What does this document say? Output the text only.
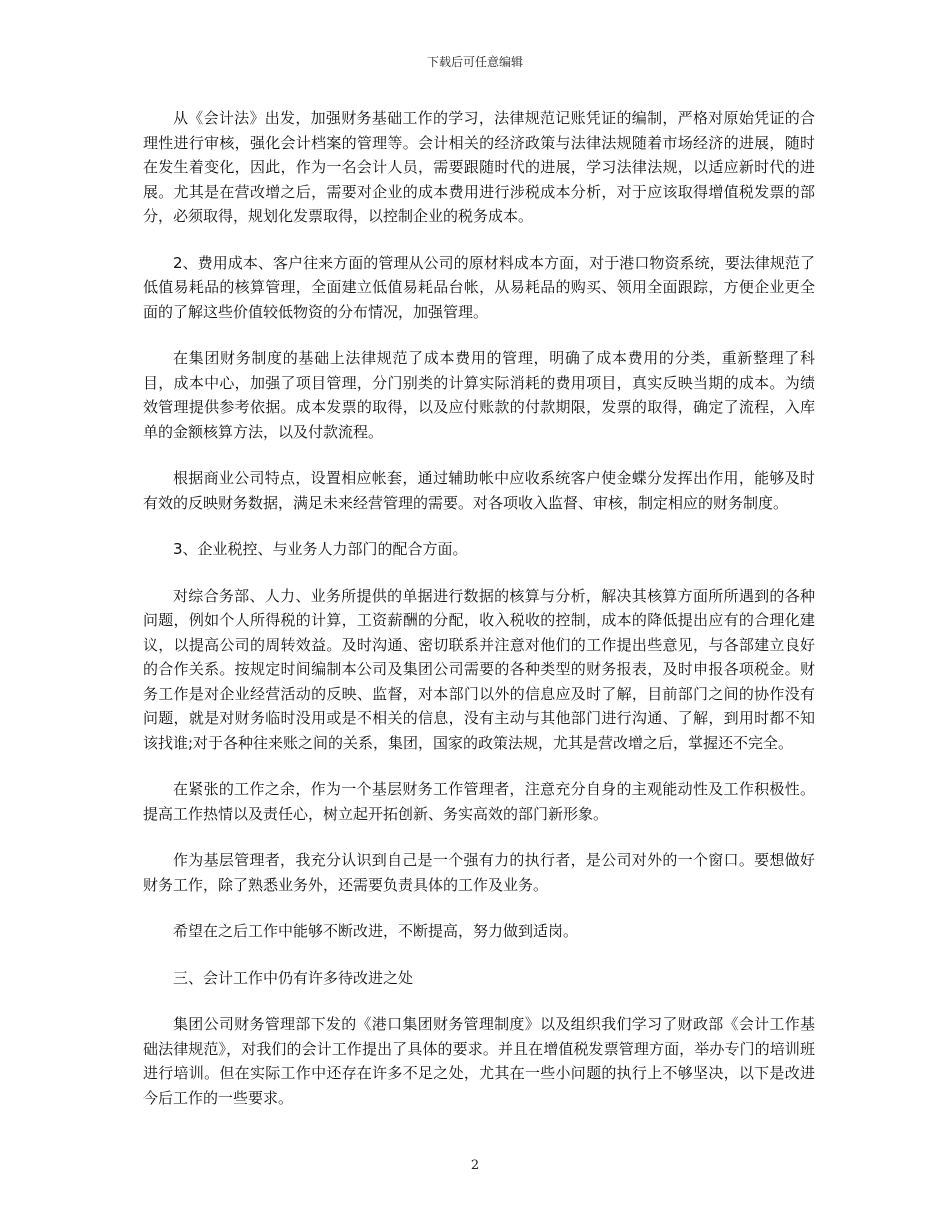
下载后可任意编辑

从《会计法》出发，加强财务基础工作的学习，法律规范记账凭证的编制，严格对原始凭证的合理性进行审核，强化会计档案的管理等。会计相关的经济政策与法律法规随着市场经济的进展，随时在发生着变化，因此，作为一名会计人员，需要跟随时代的进展，学习法律法规，以适应新时代的进展。尤其是在营改增之后，需要对企业的成本费用进行涉税成本分析，对于应该取得增值税发票的部分，必须取得，规划化发票取得，以控制企业的税务成本。

2、费用成本、客户往来方面的管理从公司的原材料成本方面，对于港口物资系统，要法律规范了低值易耗品的核算管理，全面建立低值易耗品台帐，从易耗品的购买、领用全面跟踪，方便企业更全面的了解这些价值较低物资的分布情况，加强管理。

在集团财务制度的基础上法律规范了成本费用的管理，明确了成本费用的分类，重新整理了科目，成本中心，加强了项目管理，分门别类的计算实际消耗的费用项目，真实反映当期的成本。为绩效管理提供参考依据。成本发票的取得，以及应付账款的付款期限，发票的取得，确定了流程，入库单的金额核算方法，以及付款流程。

根据商业公司特点，设置相应帐套，通过辅助帐中应收系统客户使金蝶分发挥出作用，能够及时有效的反映财务数据，满足未来经营管理的需要。对各项收入监督、审核，制定相应的财务制度。

3、企业税控、与业务人力部门的配合方面。

对综合务部、人力、业务所提供的单据进行数据的核算与分析，解决其核算方面所所遇到的各种问题，例如个人所得税的计算，工资薪酬的分配，收入税收的控制，成本的降低提出应有的合理化建议，以提高公司的周转效益。及时沟通、密切联系并注意对他们的工作提出些意见，与各部建立良好的合作关系。按规定时间编制本公司及集团公司需要的各种类型的财务报表，及时申报各项税金。财务工作是对企业经营活动的反映、监督，对本部门以外的信息应及时了解，目前部门之间的协作没有问题，就是对财务临时没用或是不相关的信息，没有主动与其他部门进行沟通、了解，到用时都不知该找谁;对于各种往来账之间的关系，集团，国家的政策法规，尤其是营改增之后，掌握还不完全。

在紧张的工作之余，作为一个基层财务工作管理者，注意充分自身的主观能动性及工作积极性。提高工作热情以及责任心，树立起开拓创新、务实高效的部门新形象。

作为基层管理者，我充分认识到自己是一个强有力的执行者，是公司对外的一个窗口。要想做好财务工作，除了熟悉业务外，还需要负责具体的工作及业务。

希望在之后工作中能够不断改进，不断提高，努力做到适岗。

三、会计工作中仍有许多待改进之处

集团公司财务管理部下发的《港口集团财务管理制度》以及组织我们学习了财政部《会计工作基础法律规范》，对我们的会计工作提出了具体的要求。并且在增值税发票管理方面，举办专门的培训班进行培训。但在实际工作中还存在许多不足之处，尤其在一些小问题的执行上不够坚决，以下是改进今后工作的一些要求。

2
